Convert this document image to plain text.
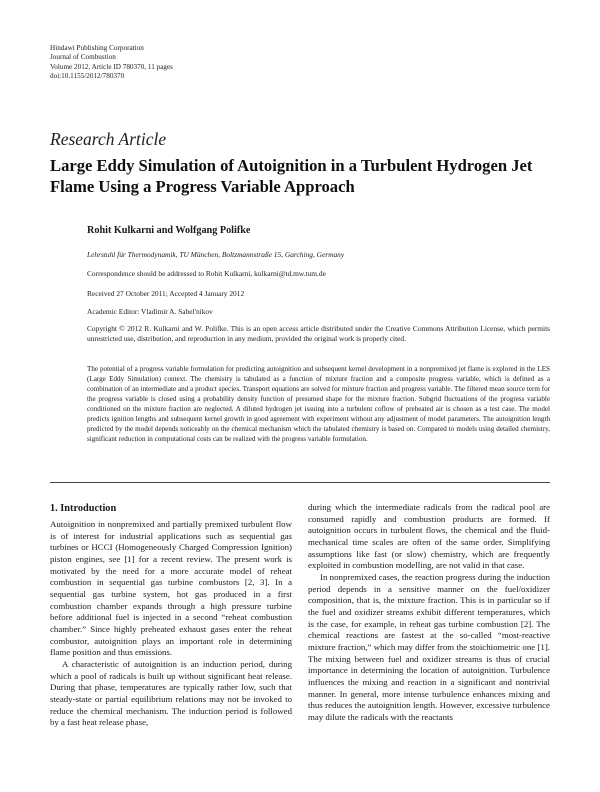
Hindawi Publishing Corporation
Journal of Combustion
Volume 2012, Article ID 780370, 11 pages
doi:10.1155/2012/780370
Research Article
Large Eddy Simulation of Autoignition in a Turbulent Hydrogen Jet Flame Using a Progress Variable Approach
Rohit Kulkarni and Wolfgang Polifke
Lehrstuhl für Thermodynamik, TU München, Boltzmannstraße 15, Garching, Germany
Correspondence should be addressed to Rohit Kulkarni, kulkarni@td.mw.tum.de
Received 27 October 2011; Accepted 4 January 2012
Academic Editor: Vladimir A. Sabel'nikov
Copyright © 2012 R. Kulkarni and W. Polifke. This is an open access article distributed under the Creative Commons Attribution License, which permits unrestricted use, distribution, and reproduction in any medium, provided the original work is properly cited.
The potential of a progress variable formulation for predicting autoignition and subsequent kernel development in a nonpremixed jet flame is explored in the LES (Large Eddy Simulation) context. The chemistry is tabulated as a function of mixture fraction and a composite progress variable, which is defined as a combination of an intermediate and a product species. Transport equations are solved for mixture fraction and progress variable. The filtered mean source term for the progress variable is closed using a probability density function of presumed shape for the mixture fraction. Subgrid fluctuations of the progress variable conditioned on the mixture fraction are neglected. A diluted hydrogen jet issuing into a turbulent coflow of preheated air is chosen as a test case. The model predicts ignition lengths and subsequent kernel growth in good agreement with experiment without any adjustment of model parameters. The autoignition length predicted by the model depends noticeably on the chemical mechanism which the tabulated chemistry is based on. Compared to models using detailed chemistry, significant reduction in computational costs can be realized with the progress variable formulation.
1. Introduction

Autoignition in nonpremixed and partially premixed turbulent flow is of interest for industrial applications such as sequential gas turbines or HCCI (Homogeneously Charged Compression Ignition) piston engines, see [1] for a recent review. The present work is motivated by the need for a more accurate model of reheat combustion in sequential gas turbine combustors [2, 3]. In a sequential gas turbine system, hot gas produced in a first combustion chamber expands through a high pressure turbine before additional fuel is injected in a second “reheat combustion chamber.” Since highly preheated exhaust gases enter the reheat combustor, autoignition plays an important role in determining flame position and thus emissions.

A characteristic of autoignition is an induction period, during which a pool of radicals is built up without significant heat release. During that phase, temperatures are typically rather low, such that steady-state or partial equilibrium relations may not be invoked to reduce the chemical mechanism. The induction period is followed by a fast heat release phase,

during which the intermediate radicals from the radical pool are consumed rapidly and combustion products are formed. If autoignition occurs in turbulent flows, the chemical and the fluid-mechanical time scales are often of the same order. Simplifying assumptions like fast (or slow) chemistry, which are frequently exploited in combustion modelling, are not valid in that case.

In nonpremixed cases, the reaction progress during the induction period depends in a sensitive manner on the fuel/oxidizer composition, that is, the mixture fraction. This is in particular so if the fuel and oxidizer streams exhibit different temperatures, which is the case, for example, in reheat gas turbine combustion [2]. The chemical reactions are fastest at the so-called “most-reactive mixture fraction,” which may differ from the stoichiometric one [1]. The mixing between fuel and oxidizer streams is thus of crucial importance in determining the location of autoignition. Turbulence influences the mixing and reaction in a significant and nontrivial manner. In general, more intense turbulence enhances mixing and thus reduces the autoignition length. However, excessive turbulence may dilute the radicals with the reactants
